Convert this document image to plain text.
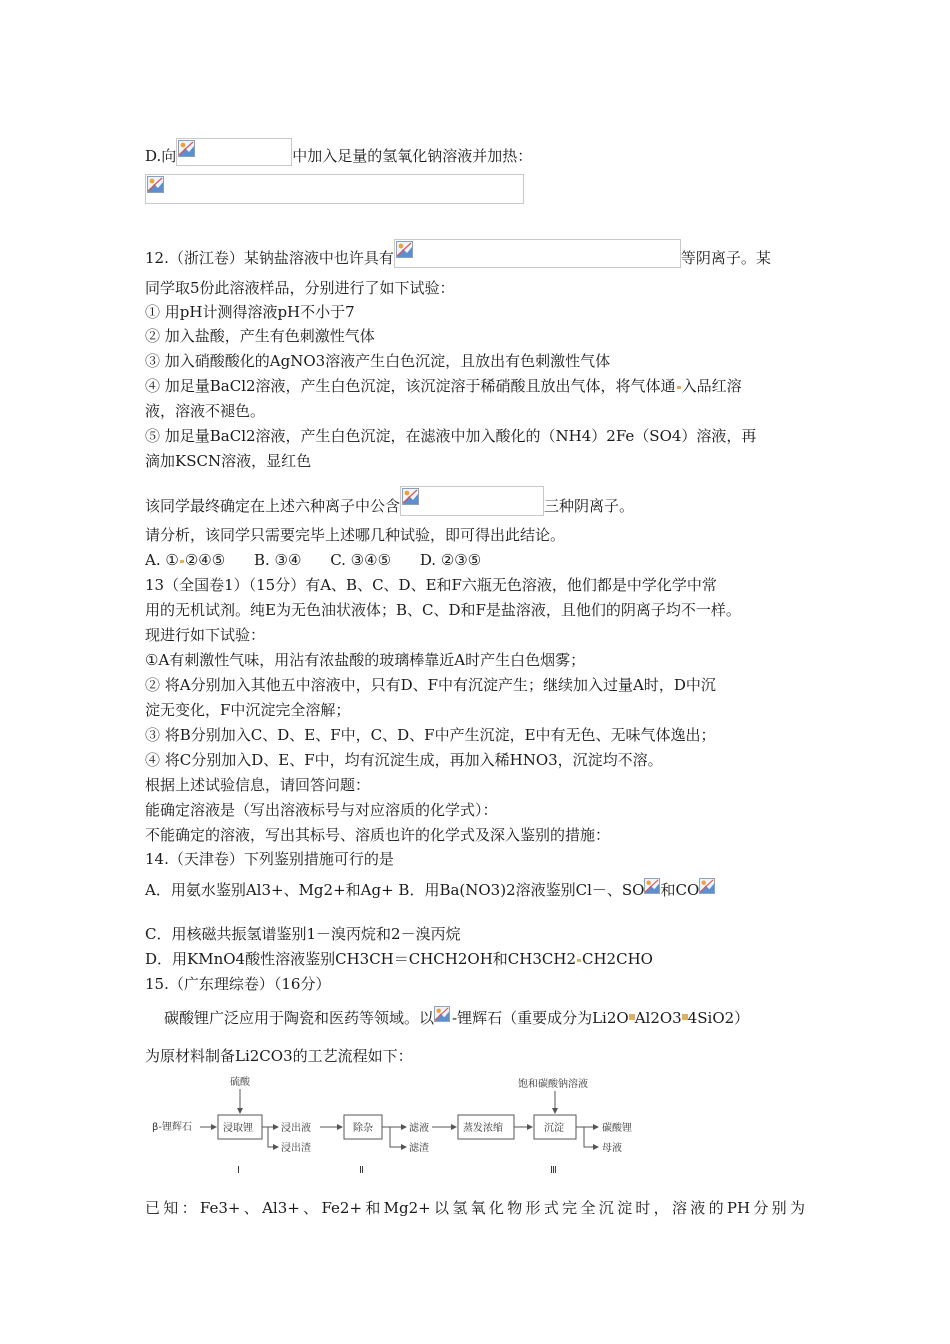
D.向	中加入足量的氢氧化钠溶液并加热：
12.（浙江卷）某钠盐溶液中也许具有	等阴离子。某
同学取5份此溶液样品，分别进行了如下试验：
① 用pH计测得溶液pH不小于7
② 加入盐酸，产生有色刺激性气体
③ 加入硝酸酸化的AgNO3溶液产生白色沉淀，且放出有色刺激性气体
④ 加足量BaCl2溶液，产生白色沉淀，该沉淀溶于稀硝酸且放出气体，将气体通 入品红溶
液，溶液不褪色。
⑤ 加足量BaCl2溶液，产生白色沉淀，在滤液中加入酸化的（NH4）2Fe（SO4）溶液，再
滴加KSCN溶液，显红色
该同学最终确定在上述六种离子中公含	三种阴离子。
请分析，该同学只需要完毕上述哪几种试验，即可得出此结论。
A. ① ②④⑤ B. ③④ C. ③④⑤ D. ②③⑤
13（全国卷1）（15分）有A、B、C、D、E和F六瓶无色溶液，他们都是中学化学中常
用的无机试剂。纯E为无色油状液体；B、C、D和F是盐溶液，且他们的阴离子均不一样。
现进行如下试验：
①A有刺激性气味，用沾有浓盐酸的玻璃棒靠近A时产生白色烟雾；
② 将A分别加入其他五中溶液中，只有D、F中有沉淀产生；继续加入过量A时，D中沉
淀无变化，F中沉淀完全溶解；
③ 将B分别加入C、D、E、F中，C、D、F中产生沉淀，E中有无色、无味气体逸出；
④ 将C分别加入D、E、F中，均有沉淀生成，再加入稀HNO3，沉淀均不溶。
根据上述试验信息，请回答问题：
能确定溶液是（写出溶液标号与对应溶质的化学式）：
不能确定的溶液，写出其标号、溶质也许的化学式及深入鉴别的措施：
14.（天津卷）下列鉴别措施可行的是
A．用氨水鉴别Al3+、Mg2+和Ag+ B．用Ba(NO3)2溶液鉴别Cl－、SO 和CO
C．用核磁共振氢谱鉴别1－溴丙烷和2－溴丙烷
D．用KMnO4酸性溶液鉴别CH3CH＝CHCH2OH和CH3CH2 CH2CHO
15.（广东理综卷）（16分）
碳酸锂广泛应用于陶瓷和医药等领域。以 -锂辉石（重要成分为Li2O Al2O3 4SiO2）
为原材料制备Li2CO3的工艺流程如下：
β-锂辉石
硫酸
浸取锂	浸出液
浸出渣
除杂	滤液
滤渣
蒸发浓缩
饱和碳酸钠溶液
沉淀	碳酸锂
母液
Ⅰ	Ⅱ	Ⅲ
已知：Fe3+、Al3+、Fe2+和Mg2+以氢氧化物形式完全沉淀时，溶液的PH分别为
